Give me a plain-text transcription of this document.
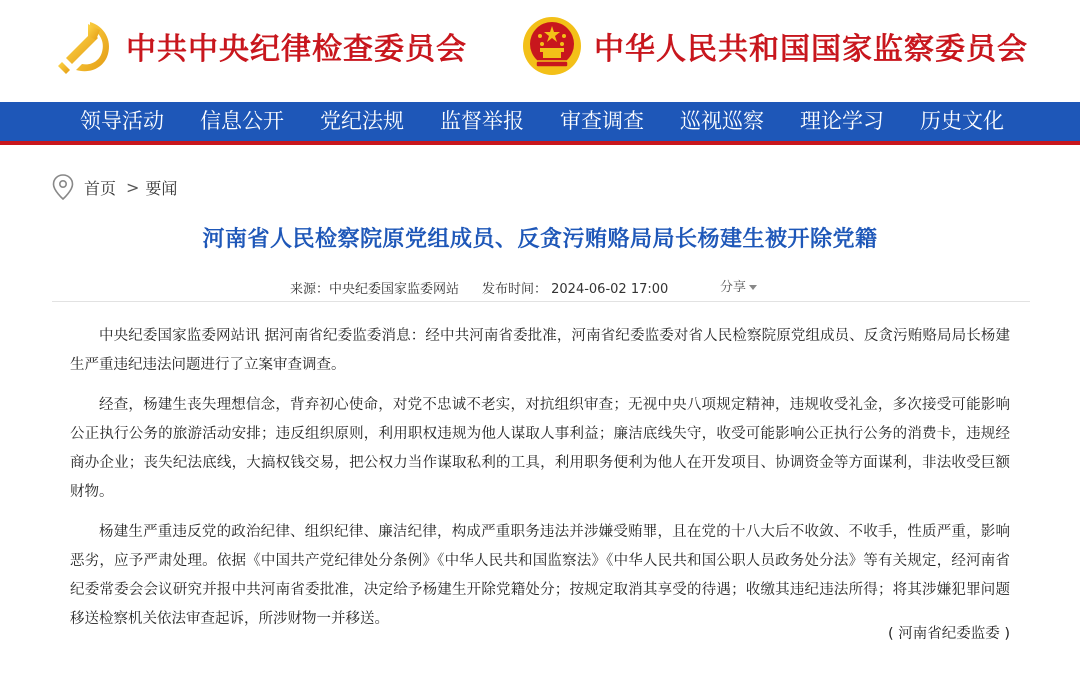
中共中央纪律检查委员会	中华人民共和国国家监察委员会
领导活动	信息公开	党纪法规	监督举报	审查调查	巡视巡察	理论学习	历史文化
首页 > 要闻
河南省人民检察院原党组成员、反贪污贿赂局局长杨建生被开除党籍
来源：中央纪委国家监委网站 发布时间： 2024-06-02 17:00	分享

中央纪委国家监委网站讯 据河南省纪委监委消息：经中共河南省委批准，河南省纪委监委对省人民检察院原党组成员、反贪污贿赂局局长杨建生严重违纪违法问题进行了立案审查调查。

经查，杨建生丧失理想信念，背弃初心使命，对党不忠诚不老实，对抗组织审查；无视中央八项规定精神，违规收受礼金，多次接受可能影响公正执行公务的旅游活动安排；违反组织原则，利用职权违规为他人谋取人事利益；廉洁底线失守，收受可能影响公正执行公务的消费卡，违规经商办企业；丧失纪法底线，大搞权钱交易，把公权力当作谋取私利的工具，利用职务便利为他人在开发项目、协调资金等方面谋利，非法收受巨额财物。

杨建生严重违反党的政治纪律、组织纪律、廉洁纪律，构成严重职务违法并涉嫌受贿罪，且在党的十八大后不收敛、不收手，性质严重，影响恶劣，应予严肃处理。依据《中国共产党纪律处分条例》《中华人民共和国监察法》《中华人民共和国公职人员政务处分法》等有关规定，经河南省纪委常委会会议研究并报中共河南省委批准，决定给予杨建生开除党籍处分；按规定取消其享受的待遇；收缴其违纪违法所得；将其涉嫌犯罪问题移送检察机关依法审查起诉，所涉财物一并移送。

( 河南省纪委监委 )
